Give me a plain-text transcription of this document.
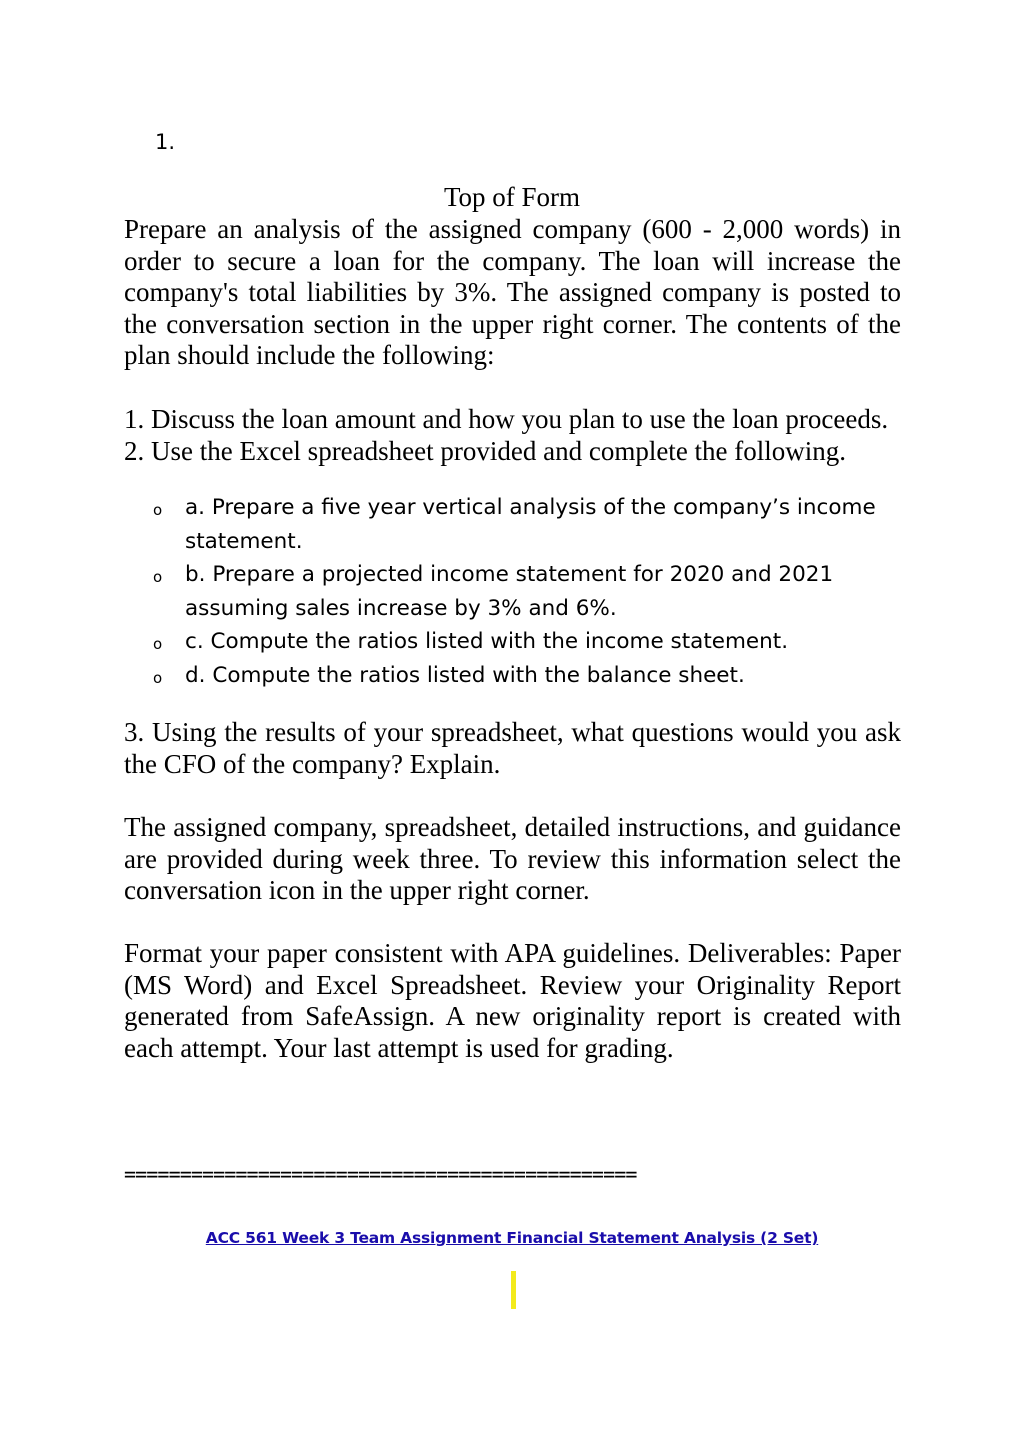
1.
Top of Form

Prepare an analysis of the assigned company (600 - 2,000 words) in order to secure a loan for the company. The loan will increase the company's total liabilities by 3%. The assigned company is posted to the conversation section in the upper right corner. The contents of the plan should include the following:

1. Discuss the loan amount and how you plan to use the loan proceeds.
2. Use the Excel spreadsheet provided and complete the following.
o a. Prepare a five year vertical analysis of the company’s income statement.
o b. Prepare a projected income statement for 2020 and 2021 assuming sales increase by 3% and 6%.
o c. Compute the ratios listed with the income statement.
o d. Compute the ratios listed with the balance sheet.

3. Using the results of your spreadsheet, what questions would you ask the CFO of the company? Explain.

The assigned company, spreadsheet, detailed instructions, and guidance are provided during week three. To review this information select the conversation icon in the upper right corner.

Format your paper consistent with APA guidelines. Deliverables: Paper (MS Word) and Excel Spreadsheet. Review your Originality Report generated from SafeAssign. A new originality report is created with each attempt. Your last attempt is used for grading.

==============================================
ACC 561 Week 3 Team Assignment Financial Statement Analysis (2 Set)
